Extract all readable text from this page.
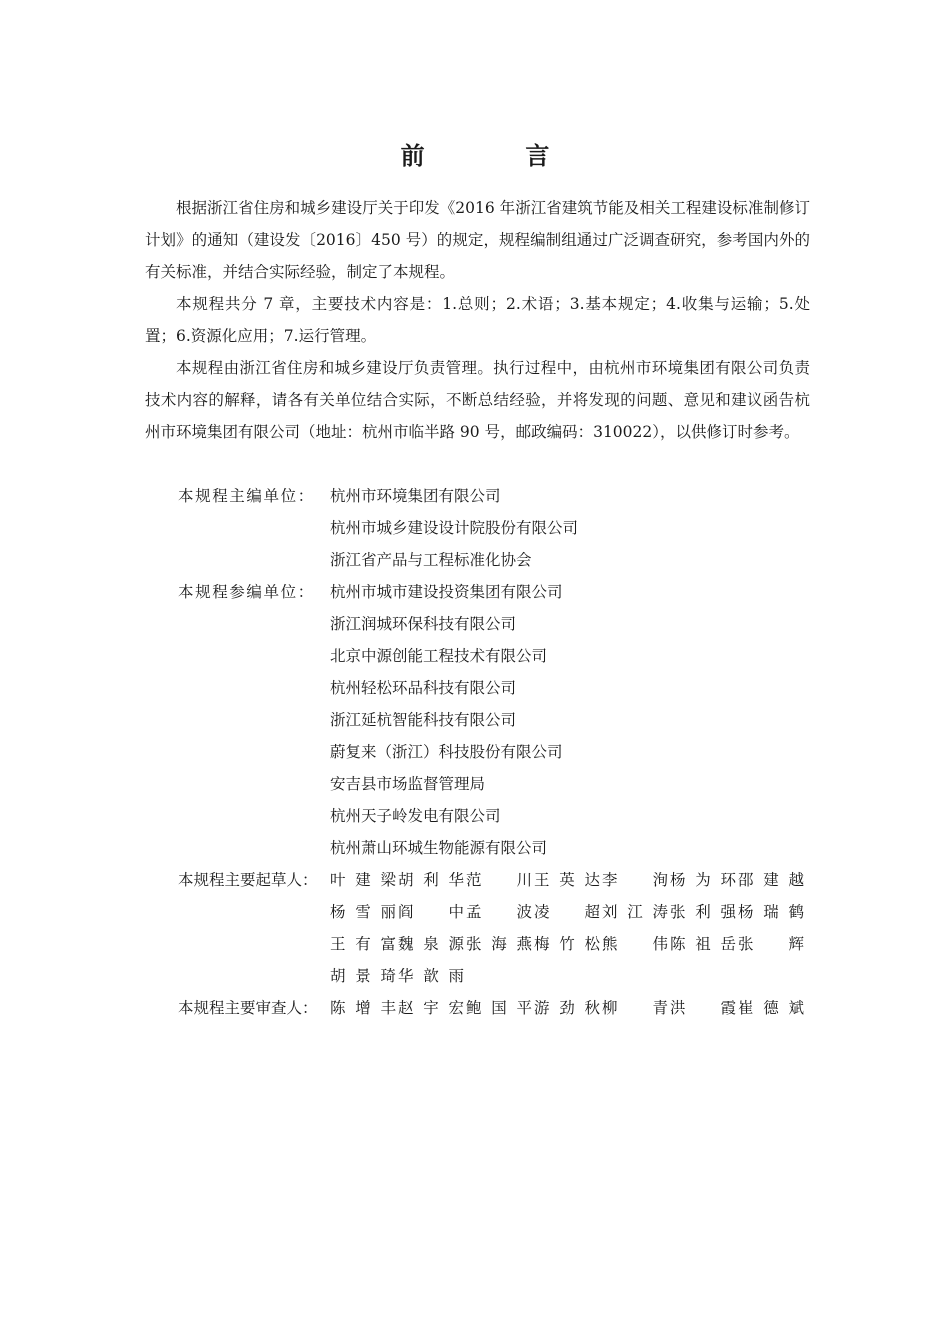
前　言

根据浙江省住房和城乡建设厅关于印发《2016 年浙江省建筑节能及相关工程建设标准制修订计划》的通知（建设发〔2016〕450 号）的规定，规程编制组通过广泛调查研究，参考国内外的有关标准，并结合实际经验，制定了本规程。

本规程共分 7 章，主要技术内容是：1.总则；2.术语；3.基本规定；4.收集与运输；5.处置；6.资源化应用；7.运行管理。

本规程由浙江省住房和城乡建设厅负责管理。执行过程中，由杭州市环境集团有限公司负责技术内容的解释，请各有关单位结合实际，不断总结经验，并将发现的问题、意见和建议函告杭州市环境集团有限公司（地址：杭州市临半路 90 号，邮政编码：310022），以供修订时参考。

本规程主编单位： 杭州市环境集团有限公司
杭州市城乡建设设计院股份有限公司
浙江省产品与工程标准化协会
本规程参编单位： 杭州市城市建设投资集团有限公司
浙江润城环保科技有限公司
北京中源创能工程技术有限公司
杭州轻松环品科技有限公司
浙江延杭智能科技有限公司
蔚复来（浙江）科技股份有限公司
安吉县市场监督管理局
杭州天子岭发电有限公司
杭州萧山环城生物能源有限公司
本规程主要起草人： 叶建梁 胡利华 范川 王英达 李洵 杨为环 邵建越
杨雪丽 阎中 孟波 凌超 刘江涛 张利强 杨瑞鹤
王有富 魏泉源 张海燕 梅竹松 熊伟 陈祖岳 张辉
胡景琦 华歆雨
本规程主要审查人： 陈增丰 赵宇宏 鲍国平 游劲秋 柳青 洪霞 崔德斌
